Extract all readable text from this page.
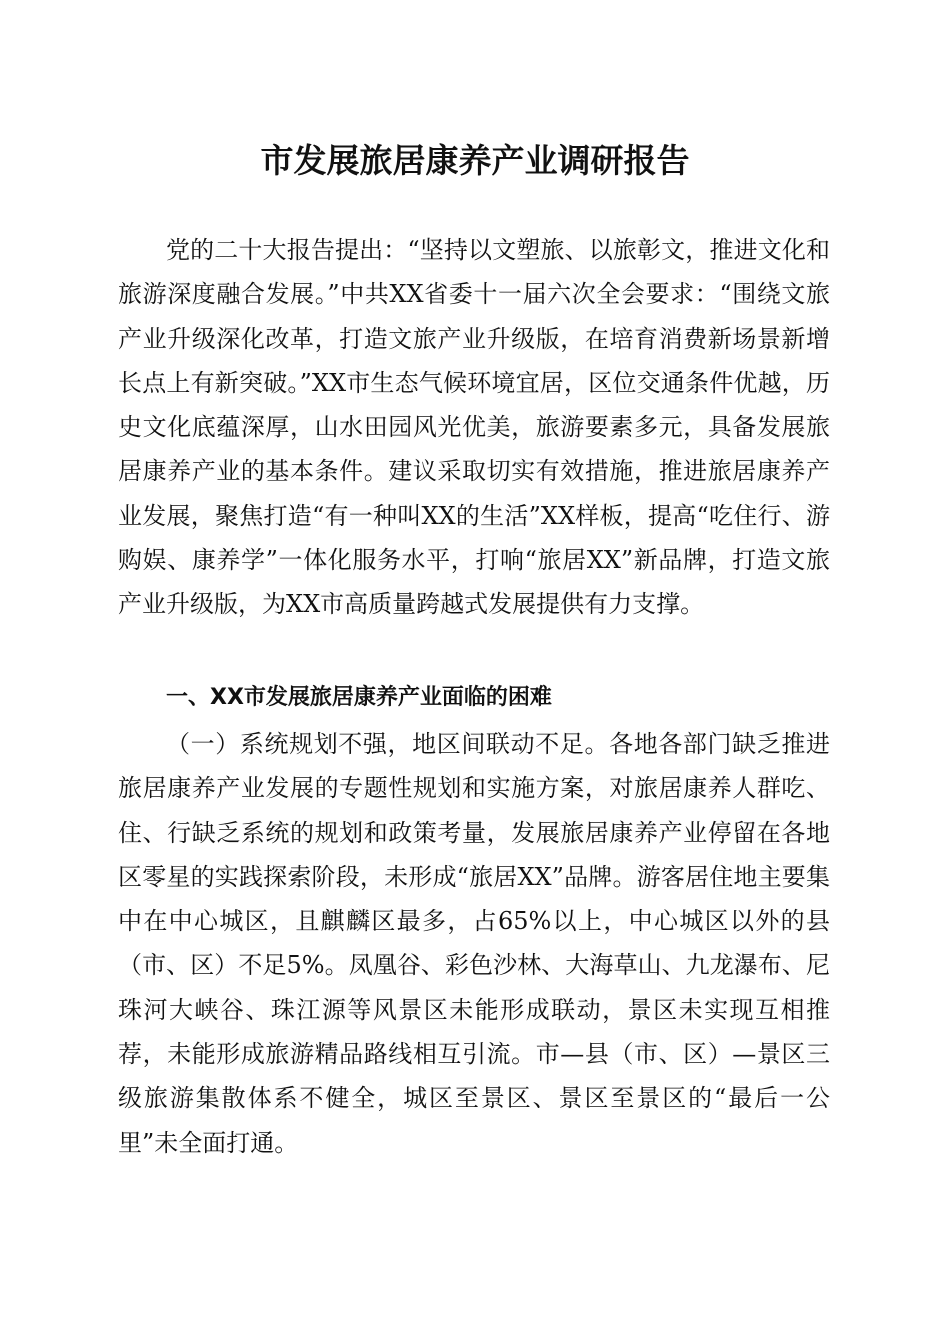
市发展旅居康养产业调研报告

党的二十大报告提出：“坚持以文塑旅、以旅彰文，推进文化和旅游深度融合发展。”中共XX省委十一届六次全会要求：“围绕文旅产业升级深化改革，打造文旅产业升级版，在培育消费新场景新增长点上有新突破。”XX市生态气候环境宜居，区位交通条件优越，历史文化底蕴深厚，山水田园风光优美，旅游要素多元，具备发展旅居康养产业的基本条件。建议采取切实有效措施，推进旅居康养产业发展，聚焦打造“有一种叫XX的生活”XX样板，提高“吃住行、游购娱、康养学”一体化服务水平，打响“旅居XX”新品牌，打造文旅产业升级版，为XX市高质量跨越式发展提供有力支撑。

一、XX市发展旅居康养产业面临的困难

（一）系统规划不强，地区间联动不足。各地各部门缺乏推进旅居康养产业发展的专题性规划和实施方案，对旅居康养人群吃、住、行缺乏系统的规划和政策考量，发展旅居康养产业停留在各地区零星的实践探索阶段，未形成“旅居XX”品牌。游客居住地主要集中在中心城区，且麒麟区最多，占65%以上，中心城区以外的县（市、区）不足5%。凤凰谷、彩色沙林、大海草山、九龙瀑布、尼珠河大峡谷、珠江源等风景区未能形成联动，景区未实现互相推荐，未能形成旅游精品路线相互引流。市—县（市、区）—景区三级旅游集散体系不健全，城区至景区、景区至景区的“最后一公里”未全面打通。
